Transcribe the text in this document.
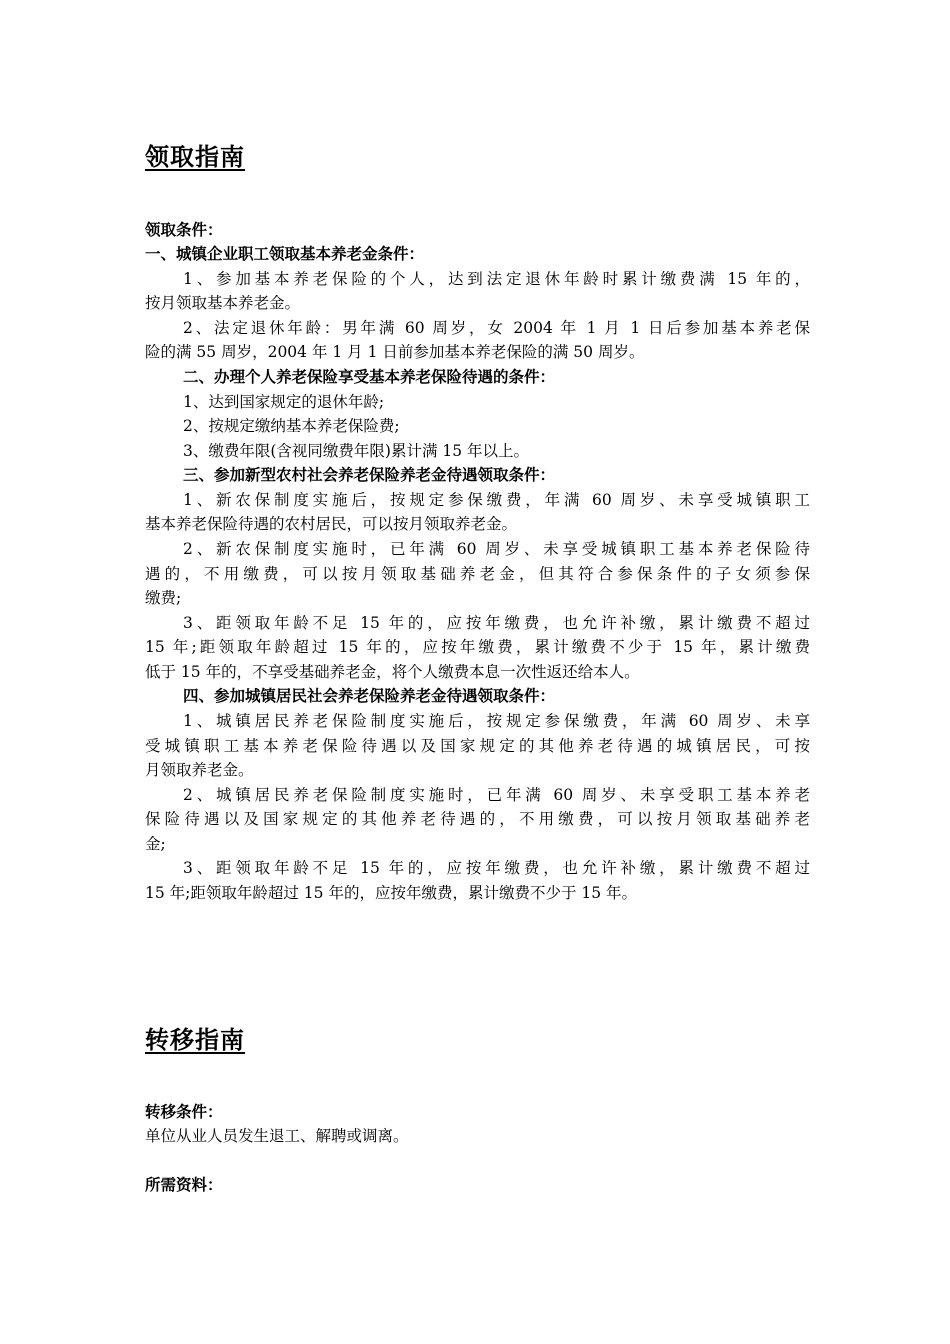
领取指南
领取条件：
一、城镇企业职工领取基本养老金条件：
1、参加基本养老保险的个人，达到法定退休年龄时累计缴费满 15 年的，
按月领取基本养老金。
2、法定退休年龄：男年满 60 周岁，女 2004 年 1 月 1 日后参加基本养老保
险的满 55 周岁，2004 年 1 月 1 日前参加基本养老保险的满 50 周岁。
二、办理个人养老保险享受基本养老保险待遇的条件：
1、达到国家规定的退休年龄;
2、按规定缴纳基本养老保险费;
3、缴费年限(含视同缴费年限)累计满 15 年以上。
三、参加新型农村社会养老保险养老金待遇领取条件：
1、新农保制度实施后，按规定参保缴费，年满 60 周岁、未享受城镇职工
基本养老保险待遇的农村居民，可以按月领取养老金。
2、新农保制度实施时，已年满 60 周岁、未享受城镇职工基本养老保险待
遇的，不用缴费，可以按月领取基础养老金，但其符合参保条件的子女须参保
缴费;
3、距领取年龄不足 15 年的，应按年缴费，也允许补缴，累计缴费不超过
15 年;距领取年龄超过 15 年的，应按年缴费，累计缴费不少于 15 年，累计缴费
低于 15 年的，不享受基础养老金，将个人缴费本息一次性返还给本人。
四、参加城镇居民社会养老保险养老金待遇领取条件：
1、城镇居民养老保险制度实施后，按规定参保缴费，年满 60 周岁、未享
受城镇职工基本养老保险待遇以及国家规定的其他养老待遇的城镇居民，可按
月领取养老金。
2、城镇居民养老保险制度实施时，已年满 60 周岁、未享受职工基本养老
保险待遇以及国家规定的其他养老待遇的，不用缴费，可以按月领取基础养老
金;
3、距领取年龄不足 15 年的，应按年缴费，也允许补缴，累计缴费不超过
15 年;距领取年龄超过 15 年的，应按年缴费，累计缴费不少于 15 年。
转移指南
转移条件：
单位从业人员发生退工、解聘或调离。
所需资料：
